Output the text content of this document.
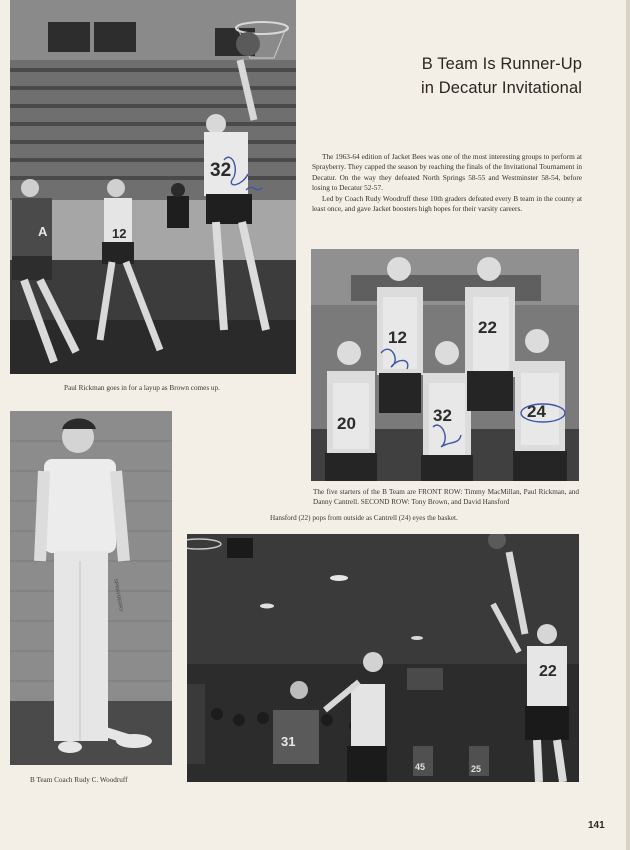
32
12
A
Paul Rickman goes in for a layup as Brown comes up.
B Team Is Runner-Up
in Decatur Invitational

The 1963-64 edition of Jacket Bees was one of the most interesting groups to perform at Sprayberry. They capped the season by reaching the finals of the Invitational Tournament in Decatur. On the way they defeated North Springs 58-55 and Westminster 58-54, before losing to Decatur 52-57.

Led by Coach Rudy Woodruff these 10th graders defeated every B team in the county at least once, and gave Jacket boosters high hopes for their varsity careers.

12
22
20	32	24
The five starters of the B Team are FRONT ROW: Timmy MacMillan, Paul Rickman, and Danny Cantrell. SECOND ROW: Tony Brown, and David Hansford
Hansford (22) pops from outside as Cantrell (24) eyes the basket.
SPRAYBERRY
B Team Coach Rudy C. Woodruff
22
31
45	25
141
